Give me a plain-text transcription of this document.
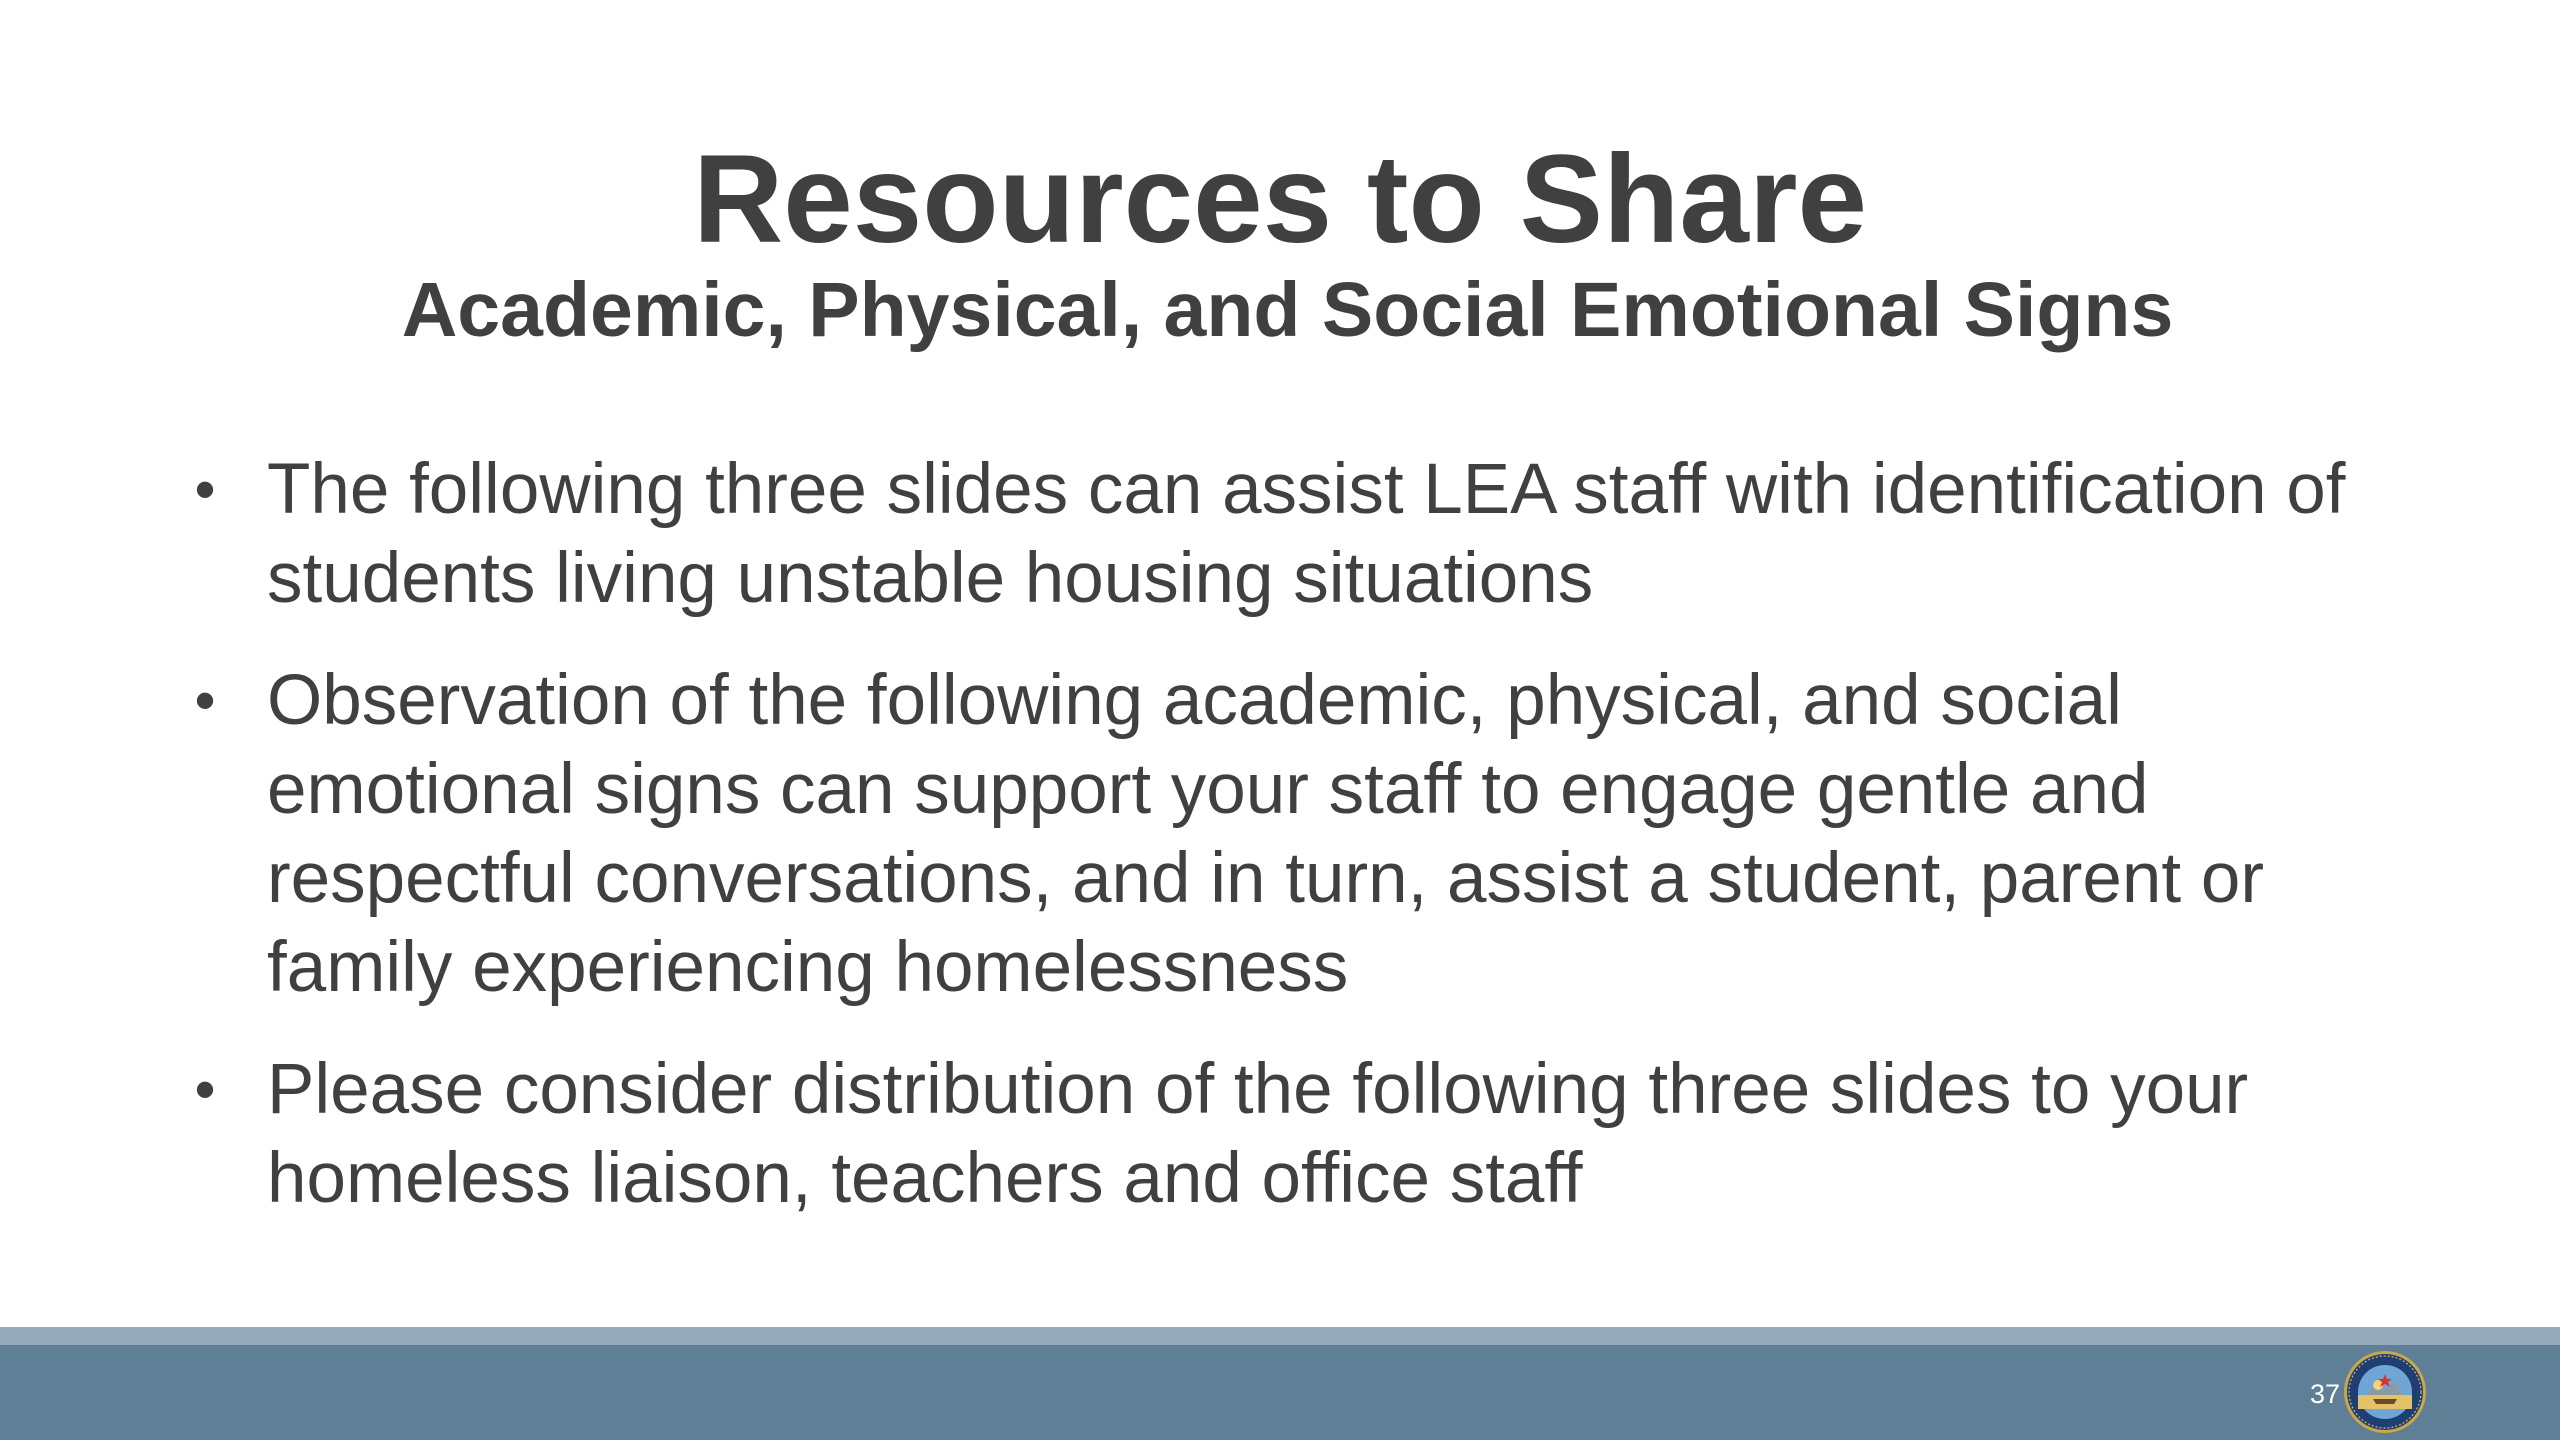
Resources to Share
Academic, Physical, and Social Emotional Signs
• The following three slides can assist LEA staff with identification of students living unstable housing situations
• Observation of the following academic, physical, and social emotional signs can support your staff to engage gentle and respectful conversations, and in turn, assist a student, parent or family experiencing homelessness
• Please consider distribution of the following three slides to your homeless liaison, teachers and office staff
37
